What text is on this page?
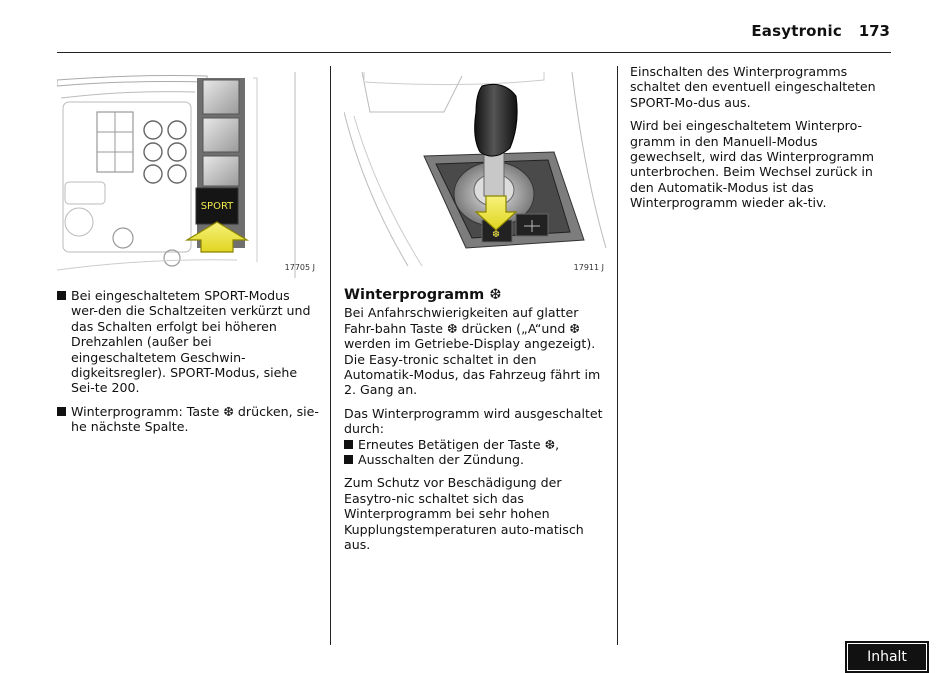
Easytronic	173
SPORT
17705 J
❆
17911 J
Bei eingeschaltetem SPORT-Modus wer-den die Schaltzeiten verkürzt und das Schalten erfolgt bei höheren Drehzahlen (außer bei eingeschaltetem Geschwin-digkeitsregler). SPORT-Modus, siehe Sei-te 200.
Winterprogramm: Taste ❆ drücken, sie-he nächste Spalte.
Winterprogramm ❆
Bei Anfahrschwierigkeiten auf glatter Fahr-bahn Taste ❆ drücken („A“und ❆ werden im Getriebe-Display angezeigt). Die Easy-tronic schaltet in den Automatik-Modus, das Fahrzeug fährt im 2. Gang an.
Das Winterprogramm wird ausgeschaltet durch:
Erneutes Betätigen der Taste ❆,
Ausschalten der Zündung.
Zum Schutz vor Beschädigung der Easytro-nic schaltet sich das Winterprogramm bei sehr hohen Kupplungstemperaturen auto-matisch aus.
Einschalten des Winterprogramms schaltet den eventuell eingeschalteten SPORT-Mo-dus aus.
Wird bei eingeschaltetem Winterpro-gramm in den Manuell-Modus gewechselt, wird das Winterprogramm unterbrochen. Beim Wechsel zurück in den Automatik-Modus ist das Winterprogramm wieder ak-tiv.
Inhalt
